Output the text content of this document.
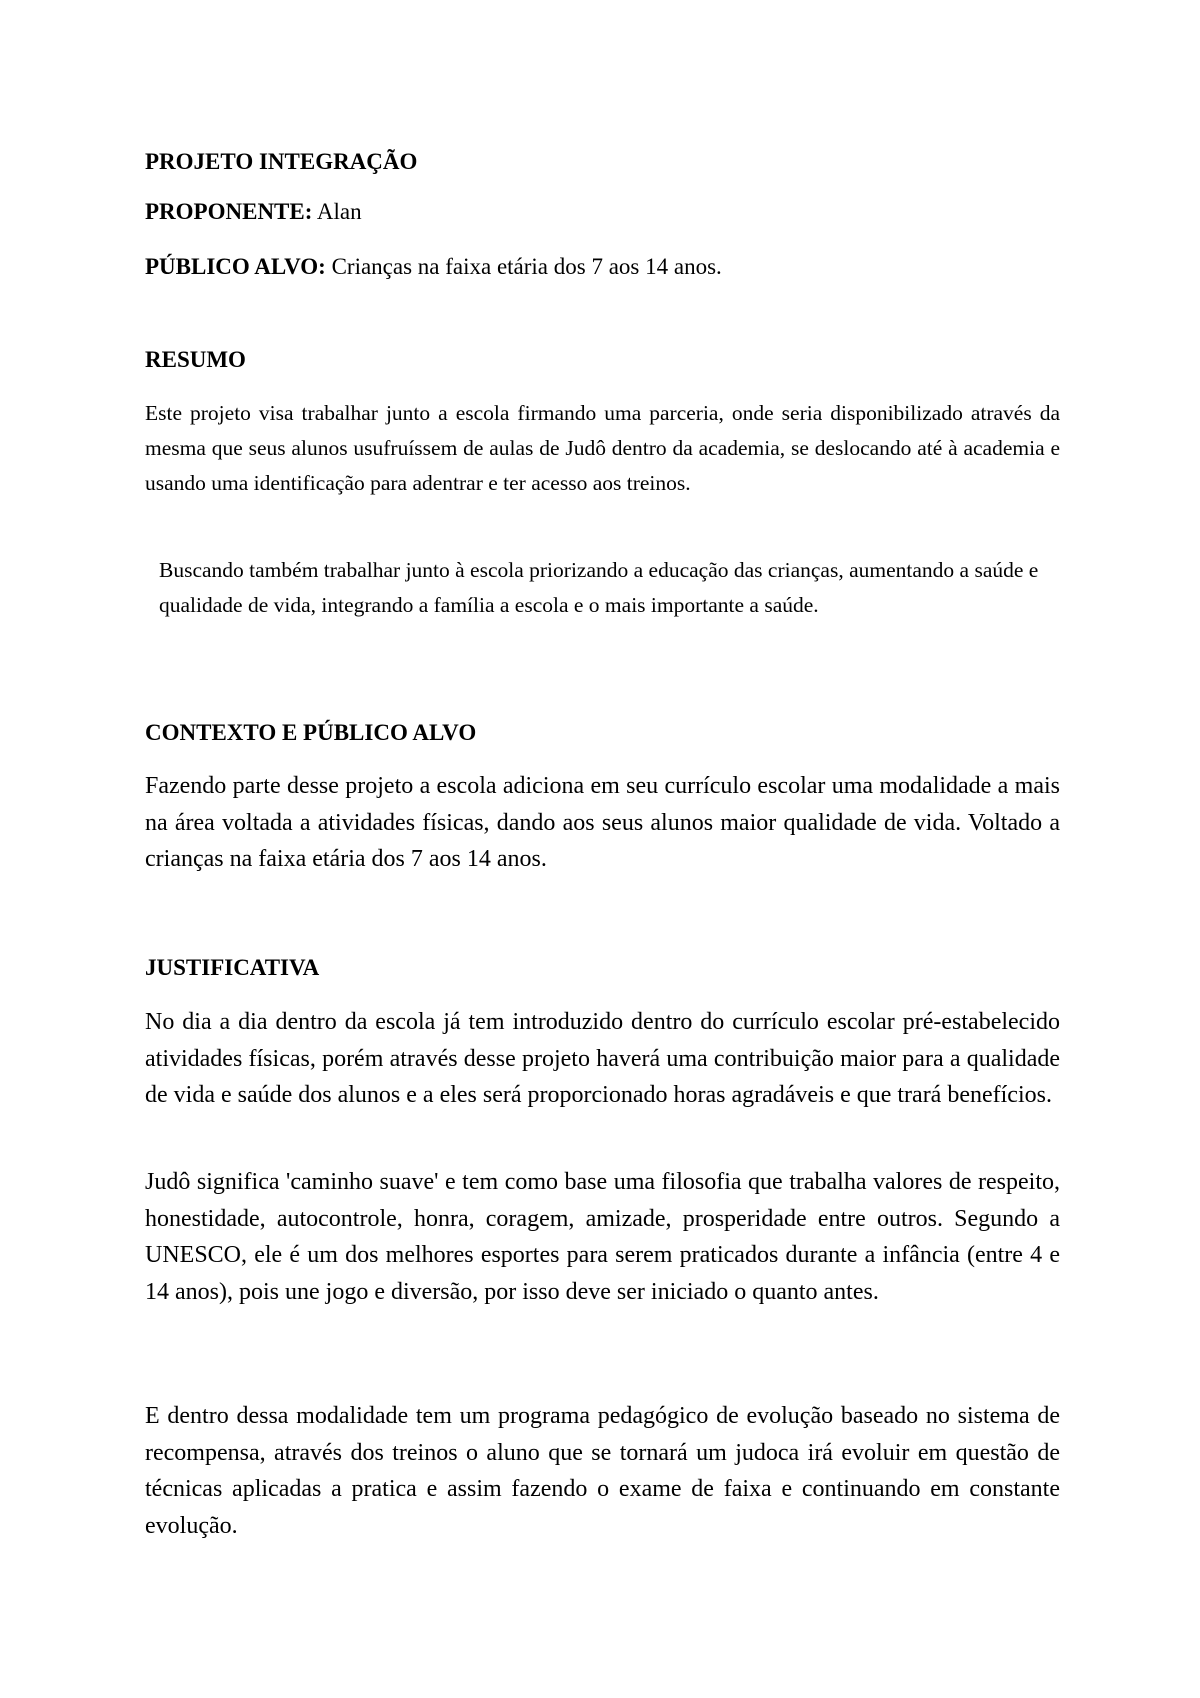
PROJETO INTEGRAÇÃO

PROPONENTE: Alan

PÚBLICO ALVO: Crianças na faixa etária dos 7 aos 14 anos.

RESUMO

Este projeto visa trabalhar junto a escola firmando uma parceria, onde seria disponibilizado através da mesma que seus alunos usufruíssem de aulas de Judô dentro da academia, se deslocando até à academia e usando uma identificação para adentrar e ter acesso aos treinos.

Buscando também trabalhar junto à escola priorizando a educação das crianças, aumentando a saúde e qualidade de vida, integrando a família a escola e o mais importante a saúde.

CONTEXTO E PÚBLICO ALVO

Fazendo parte desse projeto a escola adiciona em seu currículo escolar uma modalidade a mais na área voltada a atividades físicas, dando aos seus alunos maior qualidade de vida. Voltado a crianças na faixa etária dos 7 aos 14 anos.

JUSTIFICATIVA

No dia a dia dentro da escola já tem introduzido dentro do currículo escolar pré-estabelecido atividades físicas, porém através desse projeto haverá uma contribuição maior para a qualidade de vida e saúde dos alunos e a eles será proporcionado horas agradáveis e que trará benefícios.

Judô significa 'caminho suave' e tem como base uma filosofia que trabalha valores de respeito, honestidade, autocontrole, honra, coragem, amizade, prosperidade entre outros. Segundo a UNESCO, ele é um dos melhores esportes para serem praticados durante a infância (entre 4 e 14 anos), pois une jogo e diversão, por isso deve ser iniciado o quanto antes.

E dentro dessa modalidade tem um programa pedagógico de evolução baseado no sistema de recompensa, através dos treinos o aluno que se tornará um judoca irá evoluir em questão de técnicas aplicadas a pratica e assim fazendo o exame de faixa e continuando em constante evolução.
